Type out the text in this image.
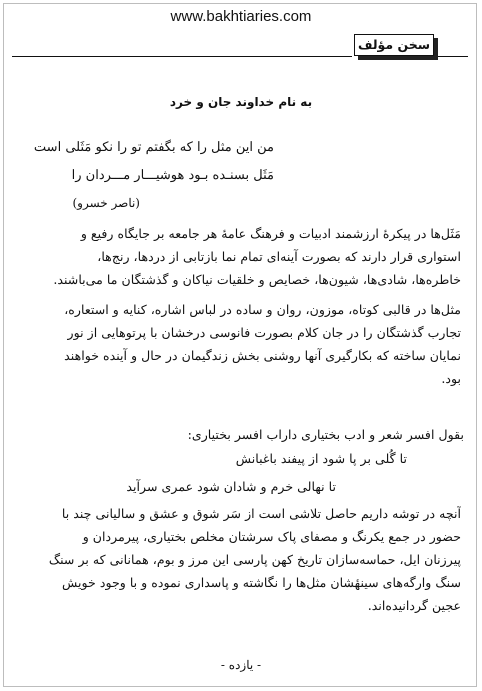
www.bakhtiaries.com
سخن مؤلف
به نام خداوند جان و خرد
من این مثل را که بگفتم تو را نکو مَثَلی است
مَثَل بسنـده بـود هوشیـــار مـــردان را
(ناصر خسرو)
مَثَل‌ها در پیکرهٔ ارزشمند ادبیات و فرهنگ عامهٔ هر جامعه بر جایگاه رفیع و
استواری قرار دارند که بصورت آینه‌ای تمام نما بازتابی از دردها، رنج‌ها،
خاطره‌ها، شادی‌ها، شیون‌ها، خصایص و خلقیات نیاکان و گذشتگان ما می‌باشند.
مثل‌ها در قالبی کوتاه، موزون، روان و ساده در لباس اشاره، کنایه و استعاره،
تجارب گذشتگان را در جان کلام بصورت فانوسی درخشان با پرتوهایی از نور
نمایان ساخته که بکارگیری آنها روشنی بخش زندگیمان در حال و آینده خواهند
بود.
بقول افسر شعر و ادب بختیاری داراب افسر بختیاری:
تا گُلی بر پا شود از پیفند باغبانش
تا نهالی خرم و شادان شود عمری سرآید
آنچه در توشه داریم حاصل تلاشی است از سَر شوق و عشق و سالیانی چند با
حضور در جمع یکرنگ و مصفای پاک سرشتان مخلص بختیاری، پیرمردان و
پیرزنان ایل، حماسه‌سازان تاریخ کهن پارسی این مرز و بوم، همانانی که بر سنگ
سنگ وارگه‌های سینهٔشان مثل‌ها را نگاشته و پاسداری نموده و با وجود خویش
عجین گردانیده‌اند.
- یازده -
